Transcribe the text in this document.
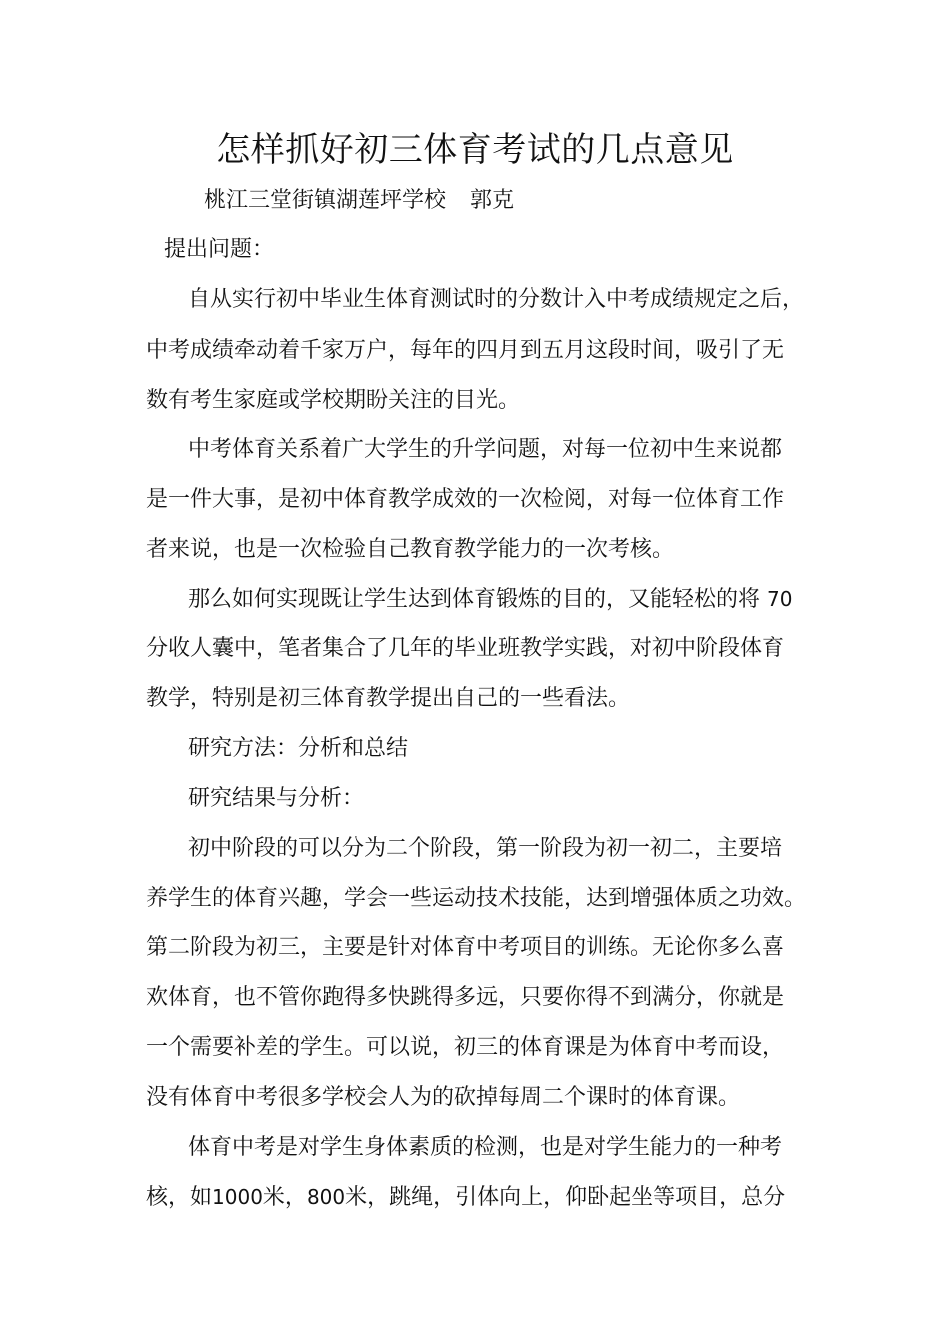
怎样抓好初三体育考试的几点意见
桃江三堂街镇湖莲坪学校 郭克
提出问题：
自从实行初中毕业生体育测试时的分数计入中考成绩规定之后，
中考成绩牵动着千家万户，每年的四月到五月这段时间，吸引了无
数有考生家庭或学校期盼关注的目光。
中考体育关系着广大学生的升学问题，对每一位初中生来说都
是一件大事，是初中体育教学成效的一次检阅，对每一位体育工作
者来说，也是一次检验自己教育教学能力的一次考核。
那么如何实现既让学生达到体育锻炼的目的，又能轻松的将 70
分收人囊中，笔者集合了几年的毕业班教学实践，对初中阶段体育
教学，特别是初三体育教学提出自己的一些看法。
研究方法：分析和总结
研究结果与分析：
初中阶段的可以分为二个阶段，第一阶段为初一初二，主要培
养学生的体育兴趣，学会一些运动技术技能，达到增强体质之功效。
第二阶段为初三，主要是针对体育中考项目的训练。无论你多么喜
欢体育，也不管你跑得多快跳得多远，只要你得不到满分，你就是
一个需要补差的学生。可以说，初三的体育课是为体育中考而设，
没有体育中考很多学校会人为的砍掉每周二个课时的体育课。
体育中考是对学生身体素质的检测，也是对学生能力的一种考
核，如1000米，800米，跳绳，引体向上，仰卧起坐等项目，总分
